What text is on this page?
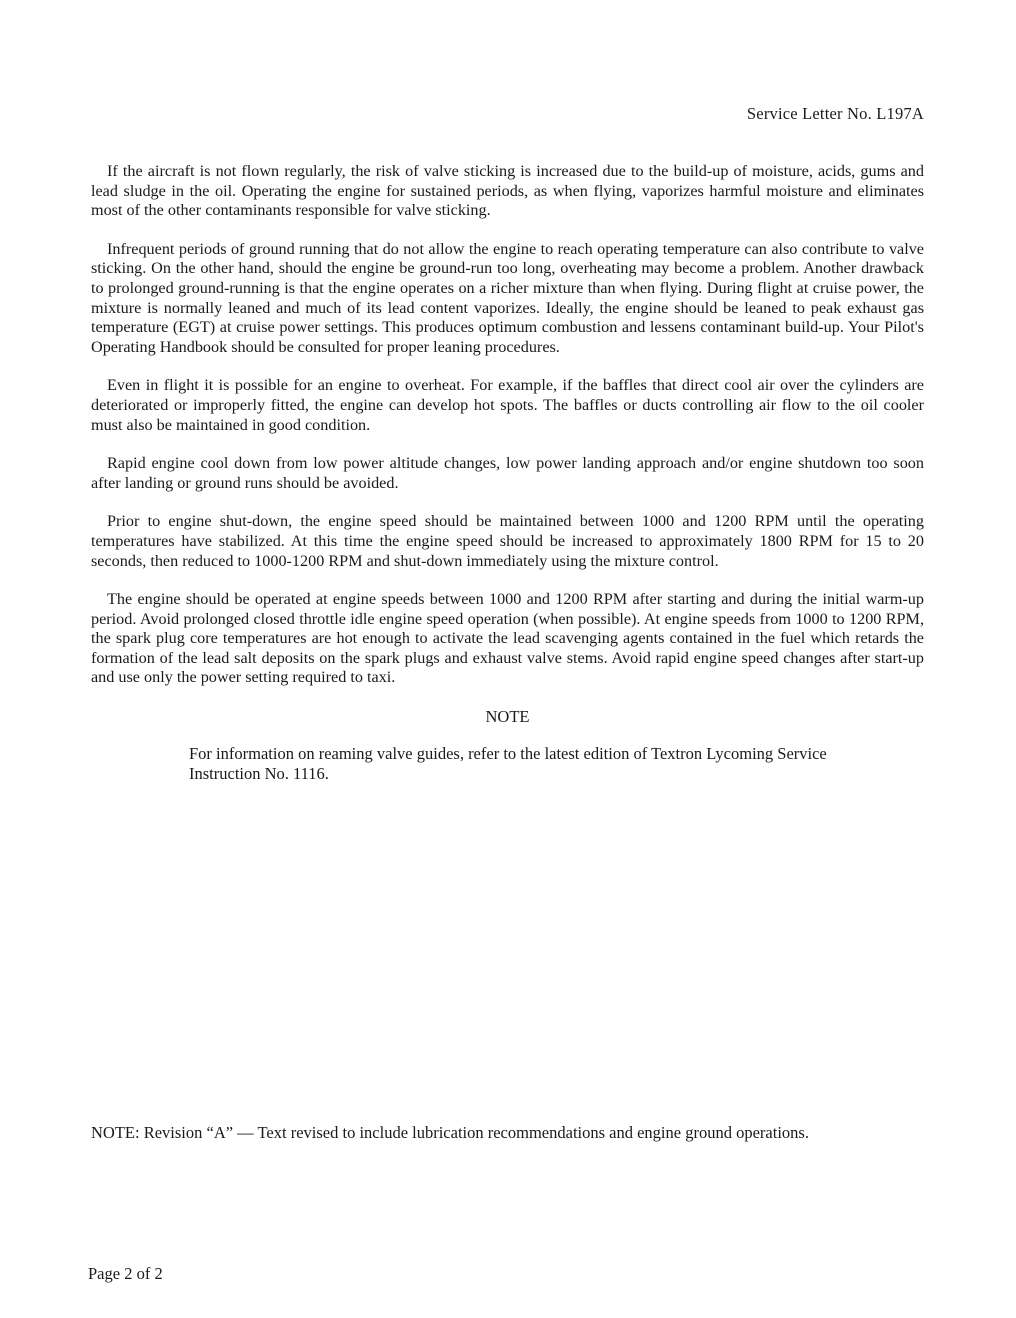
Service Letter No. L197A

If the aircraft is not flown regularly, the risk of valve sticking is increased due to the build-up of moisture, acids, gums and lead sludge in the oil. Operating the engine for sustained periods, as when flying, vaporizes harmful moisture and eliminates most of the other contaminants responsible for valve sticking.

Infrequent periods of ground running that do not allow the engine to reach operating temperature can also contribute to valve sticking. On the other hand, should the engine be ground-run too long, overheating may become a problem. Another drawback to prolonged ground-running is that the engine operates on a richer mixture than when flying. During flight at cruise power, the mixture is normally leaned and much of its lead content vaporizes. Ideally, the engine should be leaned to peak exhaust gas temperature (EGT) at cruise power settings. This produces optimum combustion and lessens contaminant build-up. Your Pilot's Operating Handbook should be consulted for proper leaning procedures.

Even in flight it is possible for an engine to overheat. For example, if the baffles that direct cool air over the cylinders are deteriorated or improperly fitted, the engine can develop hot spots. The baffles or ducts controlling air flow to the oil cooler must also be maintained in good condition.

Rapid engine cool down from low power altitude changes, low power landing approach and/or engine shutdown too soon after landing or ground runs should be avoided.

Prior to engine shut-down, the engine speed should be maintained between 1000 and 1200 RPM until the operating temperatures have stabilized. At this time the engine speed should be increased to approximately 1800 RPM for 15 to 20 seconds, then reduced to 1000-1200 RPM and shut-down immediately using the mixture control.

The engine should be operated at engine speeds between 1000 and 1200 RPM after starting and during the initial warm-up period. Avoid prolonged closed throttle idle engine speed operation (when possible). At engine speeds from 1000 to 1200 RPM, the spark plug core temperatures are hot enough to activate the lead scavenging agents contained in the fuel which retards the formation of the lead salt deposits on the spark plugs and exhaust valve stems. Avoid rapid engine speed changes after start-up and use only the power setting required to taxi.

NOTE
For information on reaming valve guides, refer to the latest edition of Textron Lycoming Service Instruction No. 1116.
NOTE: Revision “A” — Text revised to include lubrication recommendations and engine ground operations.
Page 2 of 2
